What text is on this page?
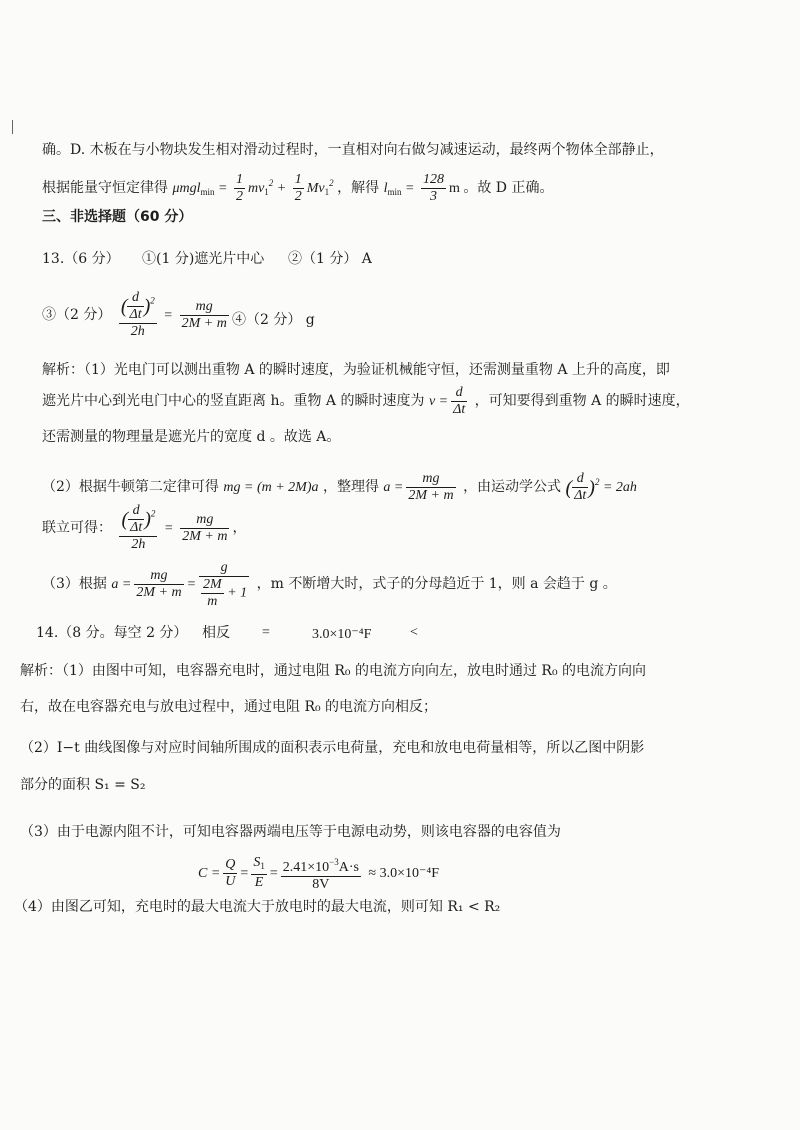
确。D. 木板在与小物块发生相对滑动过程时，一直相对向右做匀减速运动，最终两个物体全部静止，
根据能量守恒定律得 $\mu mgl_{min} = \frac{1}{2} mv_1^2 + \frac{1}{2} Mv_1^2$ ，解得 $l_{min} = \frac{128}{3}$ m 。故 D 正确。
三、非选择题（60 分）
13.（6 分） ①(1 分)遮光片中心 ②（1 分） A
③（2 分） $\frac{( \frac{d}{\Delta t} )^2}{2h} = \frac{mg}{2M + m}$ ④（2 分） g
解析：（1）光电门可以测出重物 A 的瞬时速度，为验证机械能守恒，还需测量重物 A 上升的高度，即
遮光片中心到光电门中心的竖直距离 h。重物 A 的瞬时速度为 $v = \frac{d}{\Delta t}$ ，可知要得到重物 A 的瞬时速度，
还需测量的物理量是遮光片的宽度 d 。故选 A。
（2）根据牛顿第二定律可得 mg = (m + 2M)a ，整理得 $a = \frac{mg}{2M + m}$ ，由运动学公式 ( $\frac{d}{\Delta t} )^2 = 2ah$
联立可得： $\frac{( \frac{d}{\Delta t} )^2}{2h} = \frac{mg}{2M + m}$ ，
（3）根据 $a = \frac{mg}{2M + m} = \frac{g}{\frac{2M}{m} + 1}$ ，m 不断增大时，式子的分母趋近于 1，则 a 会趋于 g 。
14.（8 分。每空 2 分） 相反 =	3.0×10⁻⁴F	<
解析：（1）由图中可知，电容器充电时，通过电阻 R₀ 的电流方向向左，放电时通过 R₀ 的电流方向向
右，故在电容器充电与放电过程中，通过电阻 R₀ 的电流方向相反；
（2）I−t 曲线图像与对应时间轴所围成的面积表示电荷量，充电和放电电荷量相等，所以乙图中阴影
部分的面积 S₁ = S₂
（3）由于电源内阻不计，可知电容器两端电压等于电源电动势，则该电容器的电容值为
$C = \frac{Q}{U} = \frac{S_1}{E} = \frac{2.41\times 10^{-3}A\cdot s}{8V} \approx 3.0\times 10^{-4}F$
（4）由图乙可知，充电时的最大电流大于放电时的最大电流，则可知 R₁ < R₂
